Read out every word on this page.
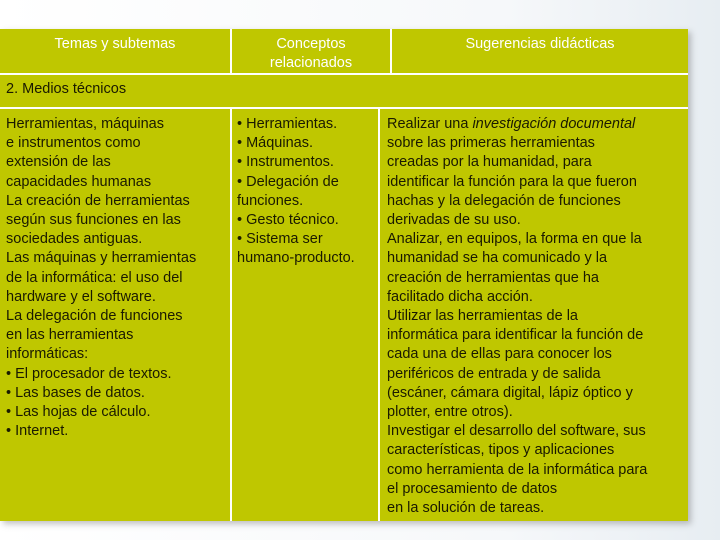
Temas y subtemas	Conceptos
relacionados
Sugerencias didácticas
2. Medios técnicos
Herramientas, máquinas
e instrumentos como
extensión de las
capacidades humanas
La creación de herramientas
según sus funciones en las
sociedades antiguas.
Las máquinas y herramientas
de la informática: el uso del
hardware y el software.
La delegación de funciones
en las herramientas
informáticas:
• El procesador de textos.
• Las bases de datos.
• Las hojas de cálculo.
• Internet.
• Herramientas.
• Máquinas.
• Instrumentos.
• Delegación de
funciones.
• Gesto técnico.
• Sistema ser
humano-producto.
Realizar una investigación documental
sobre las primeras herramientas
creadas por la humanidad, para
identificar la función para la que fueron
hachas y la delegación de funciones
derivadas de su uso.
Analizar, en equipos, la forma en que la
humanidad se ha comunicado y la
creación de herramientas que ha
facilitado dicha acción.
Utilizar las herramientas de la
informática para identificar la función de
cada una de ellas para conocer los
periféricos de entrada y de salida
(escáner, cámara digital, lápiz óptico y
plotter, entre otros).
Investigar el desarrollo del software, sus
características, tipos y aplicaciones
como herramienta de la informática para
el procesamiento de datos
en la solución de tareas.
